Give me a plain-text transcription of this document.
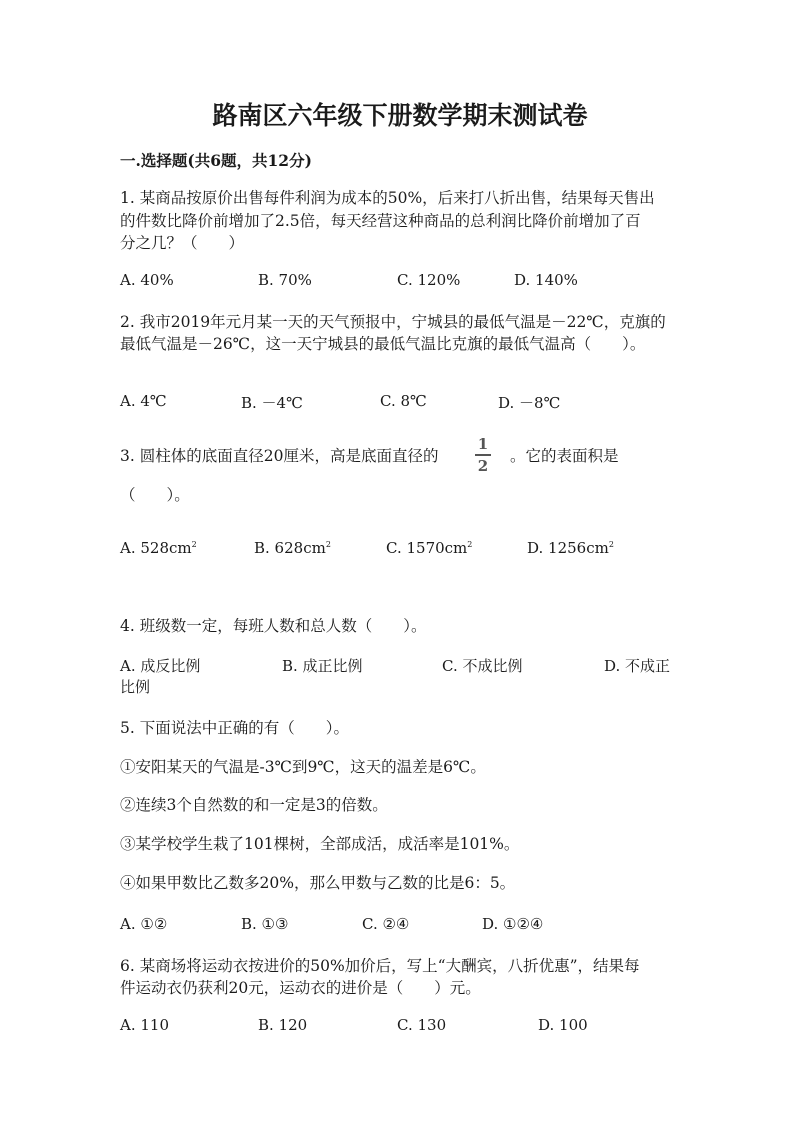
路南区六年级下册数学期末测试卷
一.选择题(共6题，共12分)
1. 某商品按原价出售每件利润为成本的50%，后来打八折出售，结果每天售出
的件数比降价前增加了2.5倍，每天经营这种商品的总利润比降价前增加了百
分之几？（　　）
A. 40%	B. 70%	C. 120%	D. 140%
2. 我市2019年元月某一天的天气预报中，宁城县的最低气温是－22℃，克旗的
最低气温是－26℃，这一天宁城县的最低气温比克旗的最低气温高（　　）。
A. 4℃	B. －4℃	C. 8℃	D. －8℃
3. 圆柱体的底面直径20厘米，高是底面直径的
1
2
。它的表面积是
（　　）。
A. $528cm^2$	B. $628cm^2$	C. $1570cm^2$	D. $1256cm^2$
4. 班级数一定，每班人数和总人数（　　）。
A. 成反比例	B. 成正比例	C. 不成比例	D. 不成正
比例
5. 下面说法中正确的有（　　）。
①安阳某天的气温是-3℃到9℃，这天的温差是6℃。
②连续3个自然数的和一定是3的倍数。
③某学校学生栽了101棵树，全部成活，成活率是101%。
④如果甲数比乙数多20%，那么甲数与乙数的比是6：5。
A. ①②	B. ①③	C. ②④	D. ①②④
6. 某商场将运动衣按进价的50%加价后，写上“大酬宾，八折优惠”，结果每
件运动衣仍获利20元，运动衣的进价是（　　）元。
A. 110	B. 120	C. 130	D. 100
